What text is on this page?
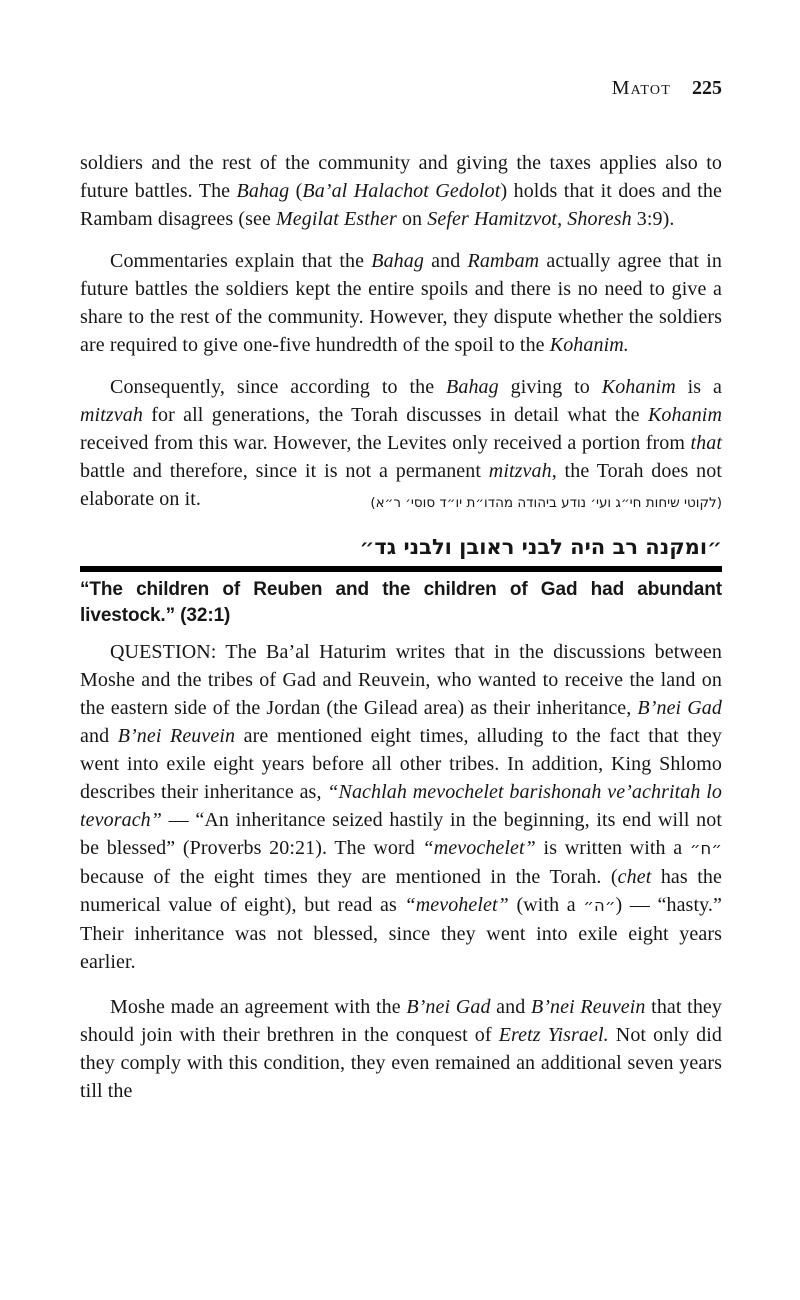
Matot 225

soldiers and the rest of the community and giving the taxes applies also to future battles. The Bahag (Ba’al Halachot Gedolot) holds that it does and the Rambam disagrees (see Megilat Esther on Sefer Hamitzvot, Shoresh 3:9).

Commentaries explain that the Bahag and Rambam actually agree that in future battles the soldiers kept the entire spoils and there is no need to give a share to the rest of the community. However, they dispute whether the soldiers are required to give one-five hundredth of the spoil to the Kohanim.

Consequently, since according to the Bahag giving to Kohanim is a mitzvah for all generations, the Torah discusses in detail what the Kohanim received from this war. However, the Levites only received a portion from that battle and therefore, since it is not a permanent mitzvah, the Torah does not elaborate on it.	(לקוטי שיחות חי״ג ועי׳ נודע ביהודה מהדו״ת יו״ד סוסי׳ ר״א)
״ומקנה רב היה לבני ראובן ולבני גד״
“The children of Reuben and the children of Gad had abundant livestock.” (32:1)

QUESTION: The Ba’al Haturim writes that in the discussions between Moshe and the tribes of Gad and Reuvein, who wanted to receive the land on the eastern side of the Jordan (the Gilead area) as their inheritance, B’nei Gad and B’nei Reuvein are mentioned eight times, alluding to the fact that they went into exile eight years before all other tribes. In addition, King Shlomo describes their inheritance as, “Nachlah mevochelet barishonah ve’achritah lo tevorach” — “An inheritance seized hastily in the beginning, its end will not be blessed” (Proverbs 20:21). The word “mevochelet” is written with a ״ח״ because of the eight times they are mentioned in the Torah. (chet has the numerical value of eight), but read as “mevohelet” (with a ״ה״) — “hasty.” Their inheritance was not blessed, since they went into exile eight years earlier.

Moshe made an agreement with the B’nei Gad and B’nei Reuvein that they should join with their brethren in the conquest of Eretz Yisrael. Not only did they comply with this condition, they even remained an additional seven years till the
